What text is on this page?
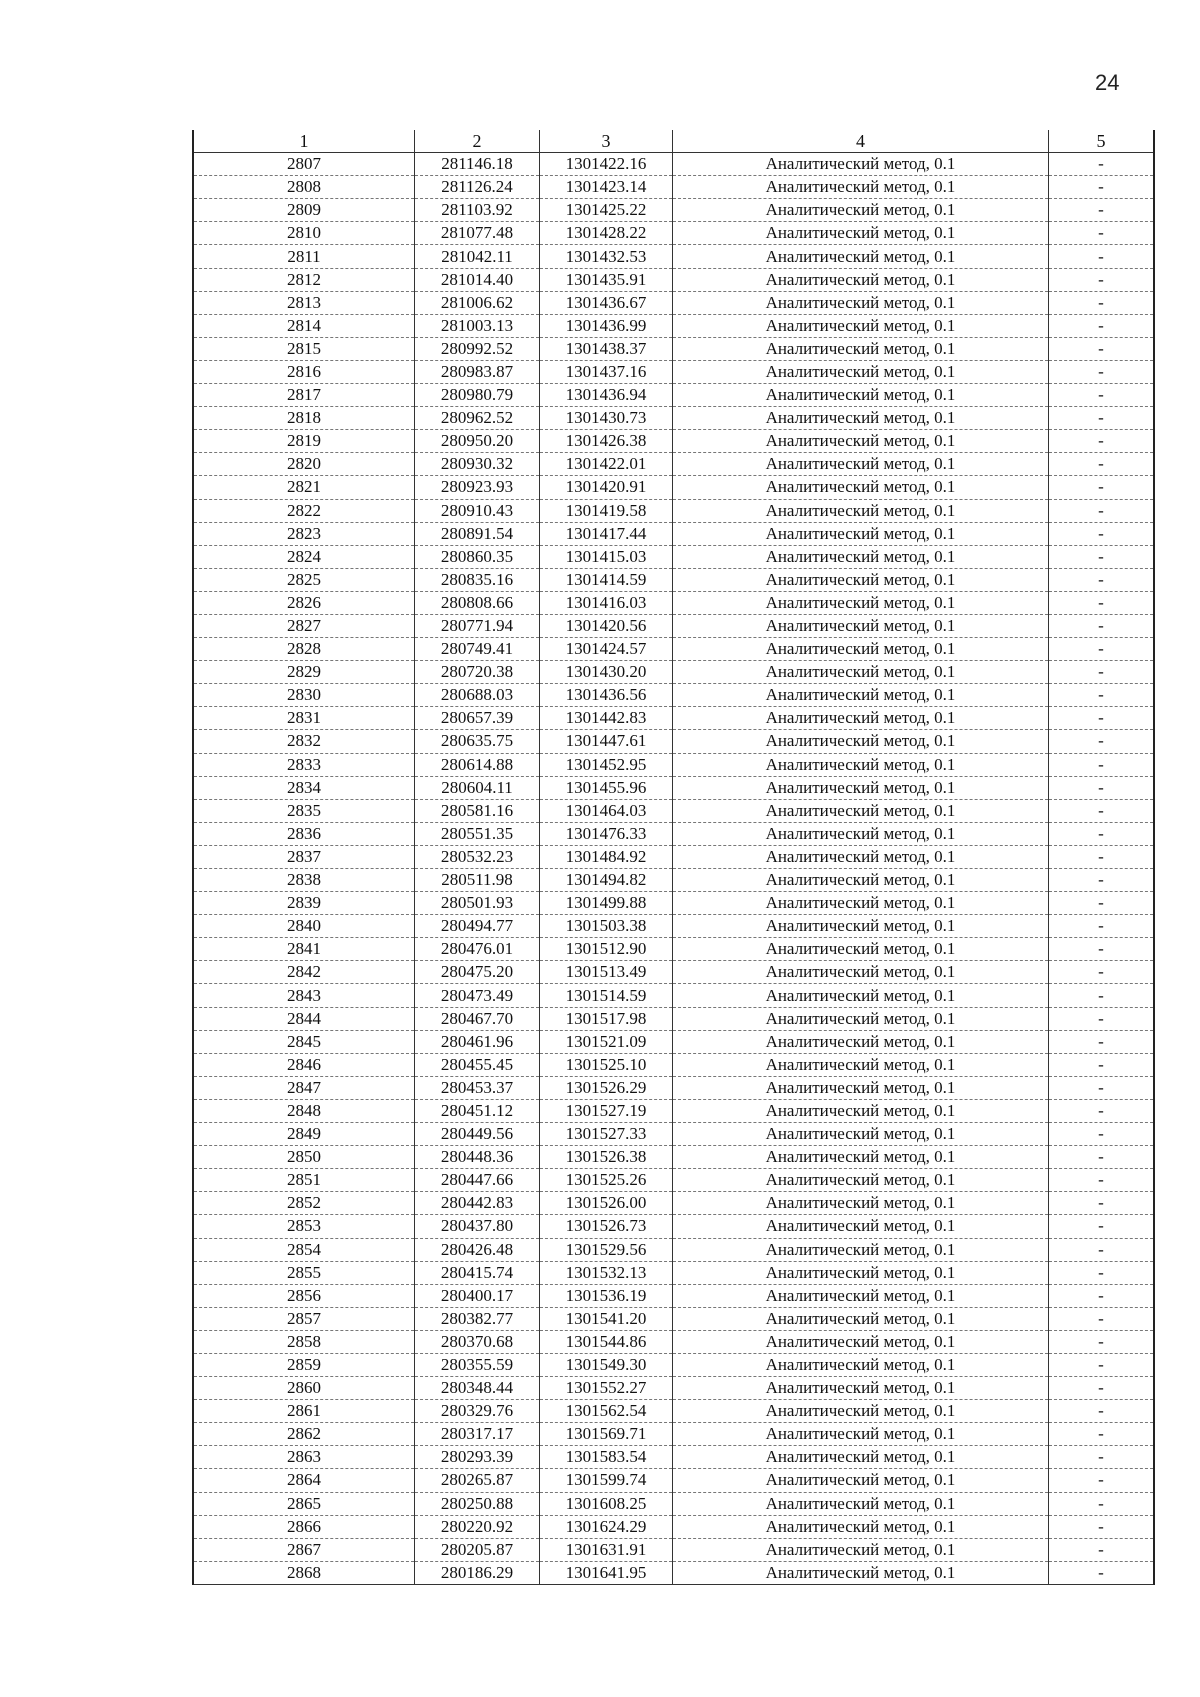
24
1	2	3	4	5
2807	281146.18	1301422.16	Аналитический метод, 0.1	-
2808	281126.24	1301423.14	Аналитический метод, 0.1	-
2809	281103.92	1301425.22	Аналитический метод, 0.1	-
2810	281077.48	1301428.22	Аналитический метод, 0.1	-
2811	281042.11	1301432.53	Аналитический метод, 0.1	-
2812	281014.40	1301435.91	Аналитический метод, 0.1	-
2813	281006.62	1301436.67	Аналитический метод, 0.1	-
2814	281003.13	1301436.99	Аналитический метод, 0.1	-
2815	280992.52	1301438.37	Аналитический метод, 0.1	-
2816	280983.87	1301437.16	Аналитический метод, 0.1	-
2817	280980.79	1301436.94	Аналитический метод, 0.1	-
2818	280962.52	1301430.73	Аналитический метод, 0.1	-
2819	280950.20	1301426.38	Аналитический метод, 0.1	-
2820	280930.32	1301422.01	Аналитический метод, 0.1	-
2821	280923.93	1301420.91	Аналитический метод, 0.1	-
2822	280910.43	1301419.58	Аналитический метод, 0.1	-
2823	280891.54	1301417.44	Аналитический метод, 0.1	-
2824	280860.35	1301415.03	Аналитический метод, 0.1	-
2825	280835.16	1301414.59	Аналитический метод, 0.1	-
2826	280808.66	1301416.03	Аналитический метод, 0.1	-
2827	280771.94	1301420.56	Аналитический метод, 0.1	-
2828	280749.41	1301424.57	Аналитический метод, 0.1	-
2829	280720.38	1301430.20	Аналитический метод, 0.1	-
2830	280688.03	1301436.56	Аналитический метод, 0.1	-
2831	280657.39	1301442.83	Аналитический метод, 0.1	-
2832	280635.75	1301447.61	Аналитический метод, 0.1	-
2833	280614.88	1301452.95	Аналитический метод, 0.1	-
2834	280604.11	1301455.96	Аналитический метод, 0.1	-
2835	280581.16	1301464.03	Аналитический метод, 0.1	-
2836	280551.35	1301476.33	Аналитический метод, 0.1	-
2837	280532.23	1301484.92	Аналитический метод, 0.1	-
2838	280511.98	1301494.82	Аналитический метод, 0.1	-
2839	280501.93	1301499.88	Аналитический метод, 0.1	-
2840	280494.77	1301503.38	Аналитический метод, 0.1	-
2841	280476.01	1301512.90	Аналитический метод, 0.1	-
2842	280475.20	1301513.49	Аналитический метод, 0.1	-
2843	280473.49	1301514.59	Аналитический метод, 0.1	-
2844	280467.70	1301517.98	Аналитический метод, 0.1	-
2845	280461.96	1301521.09	Аналитический метод, 0.1	-
2846	280455.45	1301525.10	Аналитический метод, 0.1	-
2847	280453.37	1301526.29	Аналитический метод, 0.1	-
2848	280451.12	1301527.19	Аналитический метод, 0.1	-
2849	280449.56	1301527.33	Аналитический метод, 0.1	-
2850	280448.36	1301526.38	Аналитический метод, 0.1	-
2851	280447.66	1301525.26	Аналитический метод, 0.1	-
2852	280442.83	1301526.00	Аналитический метод, 0.1	-
2853	280437.80	1301526.73	Аналитический метод, 0.1	-
2854	280426.48	1301529.56	Аналитический метод, 0.1	-
2855	280415.74	1301532.13	Аналитический метод, 0.1	-
2856	280400.17	1301536.19	Аналитический метод, 0.1	-
2857	280382.77	1301541.20	Аналитический метод, 0.1	-
2858	280370.68	1301544.86	Аналитический метод, 0.1	-
2859	280355.59	1301549.30	Аналитический метод, 0.1	-
2860	280348.44	1301552.27	Аналитический метод, 0.1	-
2861	280329.76	1301562.54	Аналитический метод, 0.1	-
2862	280317.17	1301569.71	Аналитический метод, 0.1	-
2863	280293.39	1301583.54	Аналитический метод, 0.1	-
2864	280265.87	1301599.74	Аналитический метод, 0.1	-
2865	280250.88	1301608.25	Аналитический метод, 0.1	-
2866	280220.92	1301624.29	Аналитический метод, 0.1	-
2867	280205.87	1301631.91	Аналитический метод, 0.1	-
2868	280186.29	1301641.95	Аналитический метод, 0.1	-
